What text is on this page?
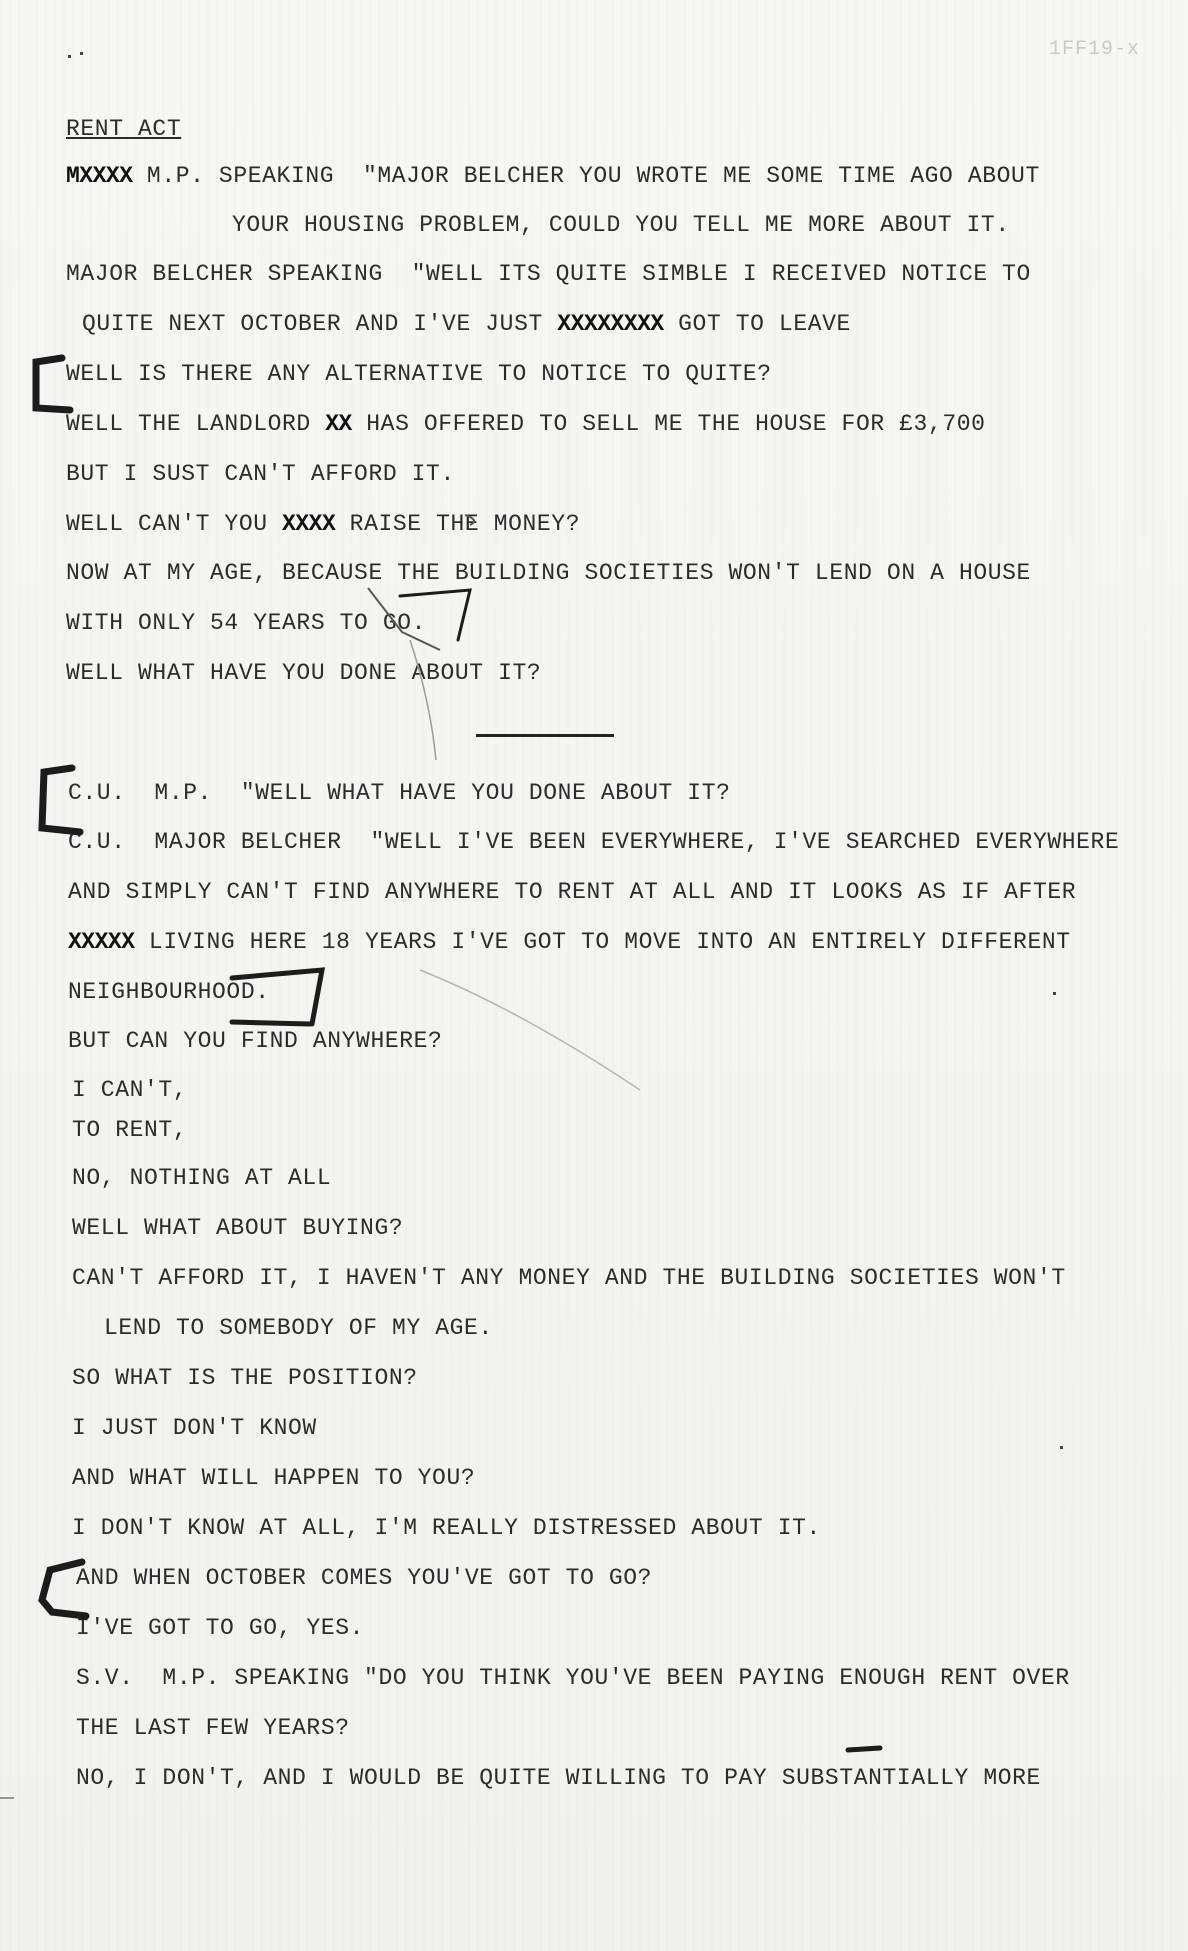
1FF19-x
RENT ACT
MXXXX M.P. SPEAKING  "MAJOR BELCHER YOU WROTE ME SOME TIME AGO ABOUT
YOUR HOUSING PROBLEM, COULD YOU TELL ME MORE ABOUT IT.
MAJOR BELCHER SPEAKING  "WELL ITS QUITE SIMBLE I RECEIVED NOTICE TO
QUITE NEXT OCTOBER AND I'VE JUST XXXXXXXX GOT TO LEAVE
WELL IS THERE ANY ALTERNATIVE TO NOTICE TO QUITE?
WELL THE LANDLORD XX HAS OFFERED TO SELL ME THE HOUSE FOR £3,700
BUT I SUST CAN'T AFFORD IT.
WELL CAN'T YOU XXXX RAISE THE MONEY?
NOW AT MY AGE, BECAUSE THE BUILDING SOCIETIES WON'T LEND ON A HOUSE
WITH ONLY 54 YEARS TO GO.
WELL WHAT HAVE YOU DONE ABOUT IT?
C.U.  M.P.  "WELL WHAT HAVE YOU DONE ABOUT IT?
C.U.  MAJOR BELCHER  "WELL I'VE BEEN EVERYWHERE, I'VE SEARCHED EVERYWHERE
AND SIMPLY CAN'T FIND ANYWHERE TO RENT AT ALL AND IT LOOKS AS IF AFTER
XXXXX LIVING HERE 18 YEARS I'VE GOT TO MOVE INTO AN ENTIRELY DIFFERENT
NEIGHBOURHOOD.
BUT CAN YOU FIND ANYWHERE?
I CAN'T,
TO RENT,
NO, NOTHING AT ALL
WELL WHAT ABOUT BUYING?
CAN'T AFFORD IT, I HAVEN'T ANY MONEY AND THE BUILDING SOCIETIES WON'T
LEND TO SOMEBODY OF MY AGE.
SO WHAT IS THE POSITION?
I JUST DON'T KNOW
AND WHAT WILL HAPPEN TO YOU?
I DON'T KNOW AT ALL, I'M REALLY DISTRESSED ABOUT IT.
AND WHEN OCTOBER COMES YOU'VE GOT TO GO?
I'VE GOT TO GO, YES.
S.V.  M.P. SPEAKING "DO YOU THINK YOU'VE BEEN PAYING ENOUGH RENT OVER
THE LAST FEW YEARS?
NO, I DON'T, AND I WOULD BE QUITE WILLING TO PAY SUBSTANTIALLY MORE
